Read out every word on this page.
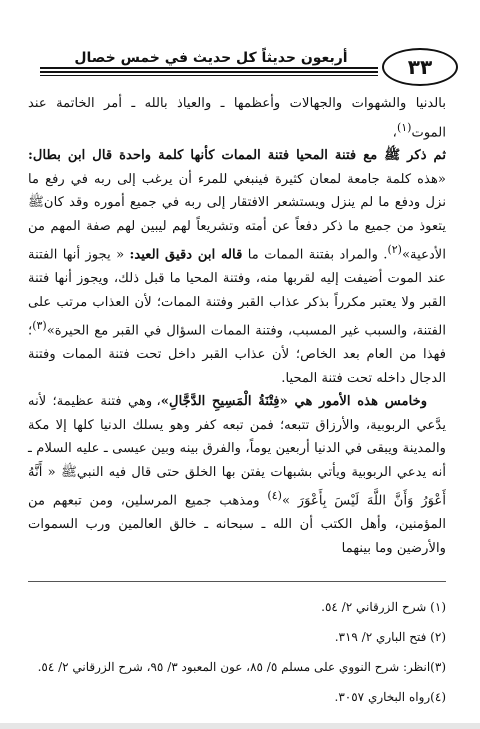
أربعون حديثاً كل حديث في خمس خصال	٣٣

بالدنيا والشهوات والجهالات وأعظمها ـ والعياذ بالله ـ أمر الخاتمة عند الموت$^{(١)}$،

ثم ذكر ﷺ مع فتنة المحيا فتنة الممات كأنها كلمة واحدة قال ابن بطال: «هذه كلمة جامعة لمعان كثيرة فينبغي للمرء أن يرغب إلى ربه في رفع ما نزل ودفع ما لم ينزل ويستشعر الافتقار إلى ربه في جميع أموره وقد كانﷺ يتعوذ من جميع ما ذكر دفعاً عن أمته وتشريعاً لهم ليبين لهم صفة المهم من الأدعية»$^{(٢)}$. والمراد بفتنة الممات ما قاله ابن دقيق العيد: « يجوز أنها الفتنة عند الموت أضيفت إليه لقربها منه، وفتنة المحيا ما قبل ذلك، ويجوز أنها فتنة القبر ولا يعتبر مكرراً بذكر عذاب القبر وفتنة الممات؛ لأن العذاب مرتب على الفتنة، والسبب غير المسبب، وفتنة الممات السؤال في القبر مع الحيرة»$^{(٣)}$؛ فهذا من العام بعد الخاص؛ لأن عذاب القبر داخل تحت فتنة الممات وفتنة الدجال داخله تحت فتنة المحيا.

وخامس هذه الأمور هي «فِتْنَةُ الْمَسِيحِ الدَّجَّالِ»، وهي فتنة عظيمة؛ لأنه يدَّعي الربوبية، والأرزاق تتبعه؛ فمن تبعه كفر وهو يسلك الدنيا كلها إلا مكة والمدينة ويبقى في الدنيا أربعين يوماً، والفرق بينه وبين عيسى ـ عليه السلام ـ أنه يدعي الربوبية ويأتي بشبهات يفتن بها الخلق حتى قال فيه النبيﷺ « أَنَّهُ أَعْوَرُ وَأَنَّ اللَّهَ لَيْسَ بِأَعْوَرَ »$^{(٤)}$ ومذهب جميع المرسلين، ومن تبعهم من المؤمنين، وأهل الكتب أن الله ـ سبحانه ـ خالق العالمين ورب السموات والأرضين وما بينهما

(١) شرح الزرقاني ٢/ ٥٤.
(٢) فتح الباري ٢/ ٣١٩.
(٣)انظر: شرح النووي على مسلم ٥/ ٨٥، عون المعبود ٣/ ٩٥، شرح الزرقاني ٢/ ٥٤.
(٤)رواه البخاري ٣٠٥٧.
